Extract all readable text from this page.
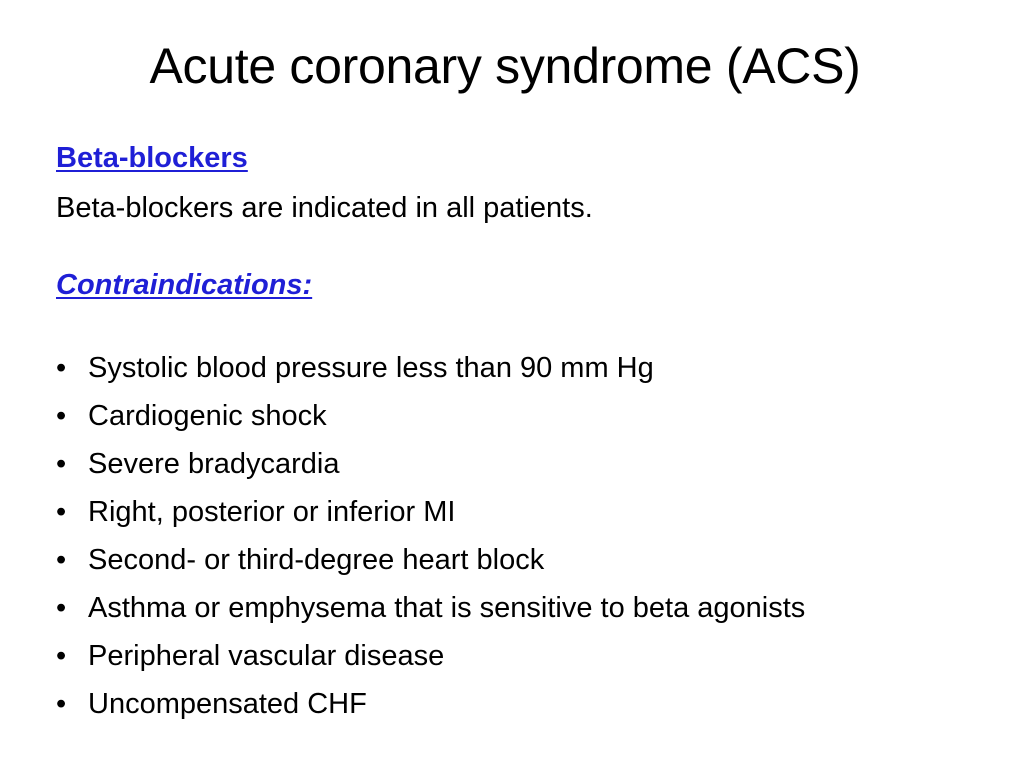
Acute coronary syndrome (ACS)
Beta-blockers
Beta-blockers are indicated in all patients.
Contraindications:
• Systolic blood pressure less than 90 mm Hg
• Cardiogenic shock
• Severe bradycardia
• Right, posterior or inferior MI
• Second- or third-degree heart block
• Asthma or emphysema that is sensitive to beta agonists
• Peripheral vascular disease
• Uncompensated CHF
